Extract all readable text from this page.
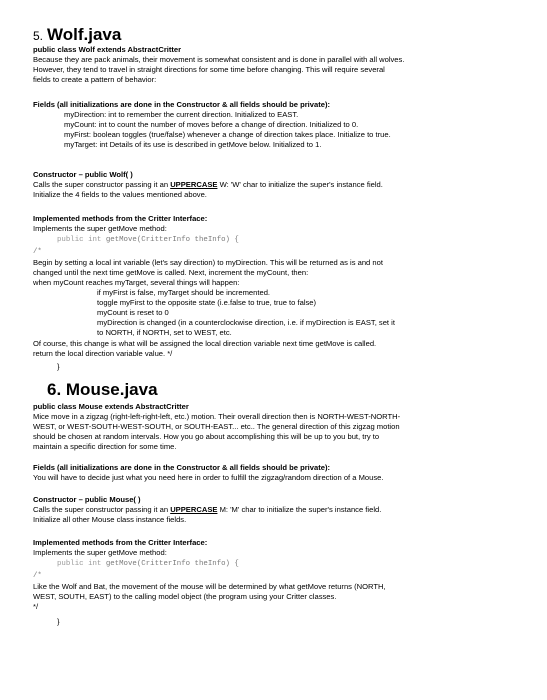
5. Wolf.java
public class Wolf extends AbstractCritter
Because they are pack animals, their movement is somewhat consistent and is done in parallel with all wolves.
However, they tend to travel in straight directions for some time before changing. This will require several
fields to create a pattern of behavior:
Fields (all initializations are done in the Constructor & all fields should be private):
myDirection: int to remember the current direction. Initialized to EAST.
myCount: int to count the number of moves before a change of direction. Initialized to 0.
myFirst: boolean toggles (true/false) whenever a change of direction takes place. Initialize to true.
myTarget: int Details of its use is described in getMove below. Initialized to 1.
Constructor – public Wolf( )
Calls the super constructor passing it an UPPERCASE W: 'W' char to initialize the super's instance field.
Initialize the 4 fields to the values mentioned above.
Implemented methods from the Critter Interface:
Implements the super getMove method:
public int getMove(CritterInfo theInfo) {
/*
Begin by setting a local int variable (let's say direction) to myDirection. This will be returned as is and not
changed until the next time getMove is called. Next, increment the myCount, then:
when myCount reaches myTarget, several things will happen:
if myFirst is false, myTarget should be incremented.
toggle myFirst to the opposite state (i.e.false to true, true to false)
myCount is reset to 0
myDirection is changed (in a counterclockwise direction, i.e. if myDirection is EAST, set it
to NORTH, if NORTH, set to WEST, etc.
Of course, this change is what will be assigned the local direction variable next time getMove is called.
return the local direction variable value. */
}
6. Mouse.java
public class Mouse extends AbstractCritter
Mice move in a zigzag (right-left-right-left, etc.) motion. Their overall direction then is NORTH-WEST-NORTH-
WEST, or WEST-SOUTH-WEST-SOUTH, or SOUTH-EAST... etc.. The general direction of this zigzag motion
should be chosen at random intervals. How you go about accomplishing this will be up to you but, try to
maintain a specific direction for some time.
Fields (all initializations are done in the Constructor & all fields should be private):
You will have to decide just what you need here in order to fulfill the zigzag/random direction of a Mouse.
Constructor – public Mouse( )
Calls the super constructor passing it an UPPERCASE M: 'M' char to initialize the super's instance field.
Initialize all other Mouse class instance fields.
Implemented methods from the Critter Interface:
Implements the super getMove method:
public int getMove(CritterInfo theInfo) {
/*
Like the Wolf and Bat, the movement of the mouse will be determined by what getMove returns (NORTH,
WEST, SOUTH, EAST) to the calling model object (the program using your Critter classes.
*/
}
